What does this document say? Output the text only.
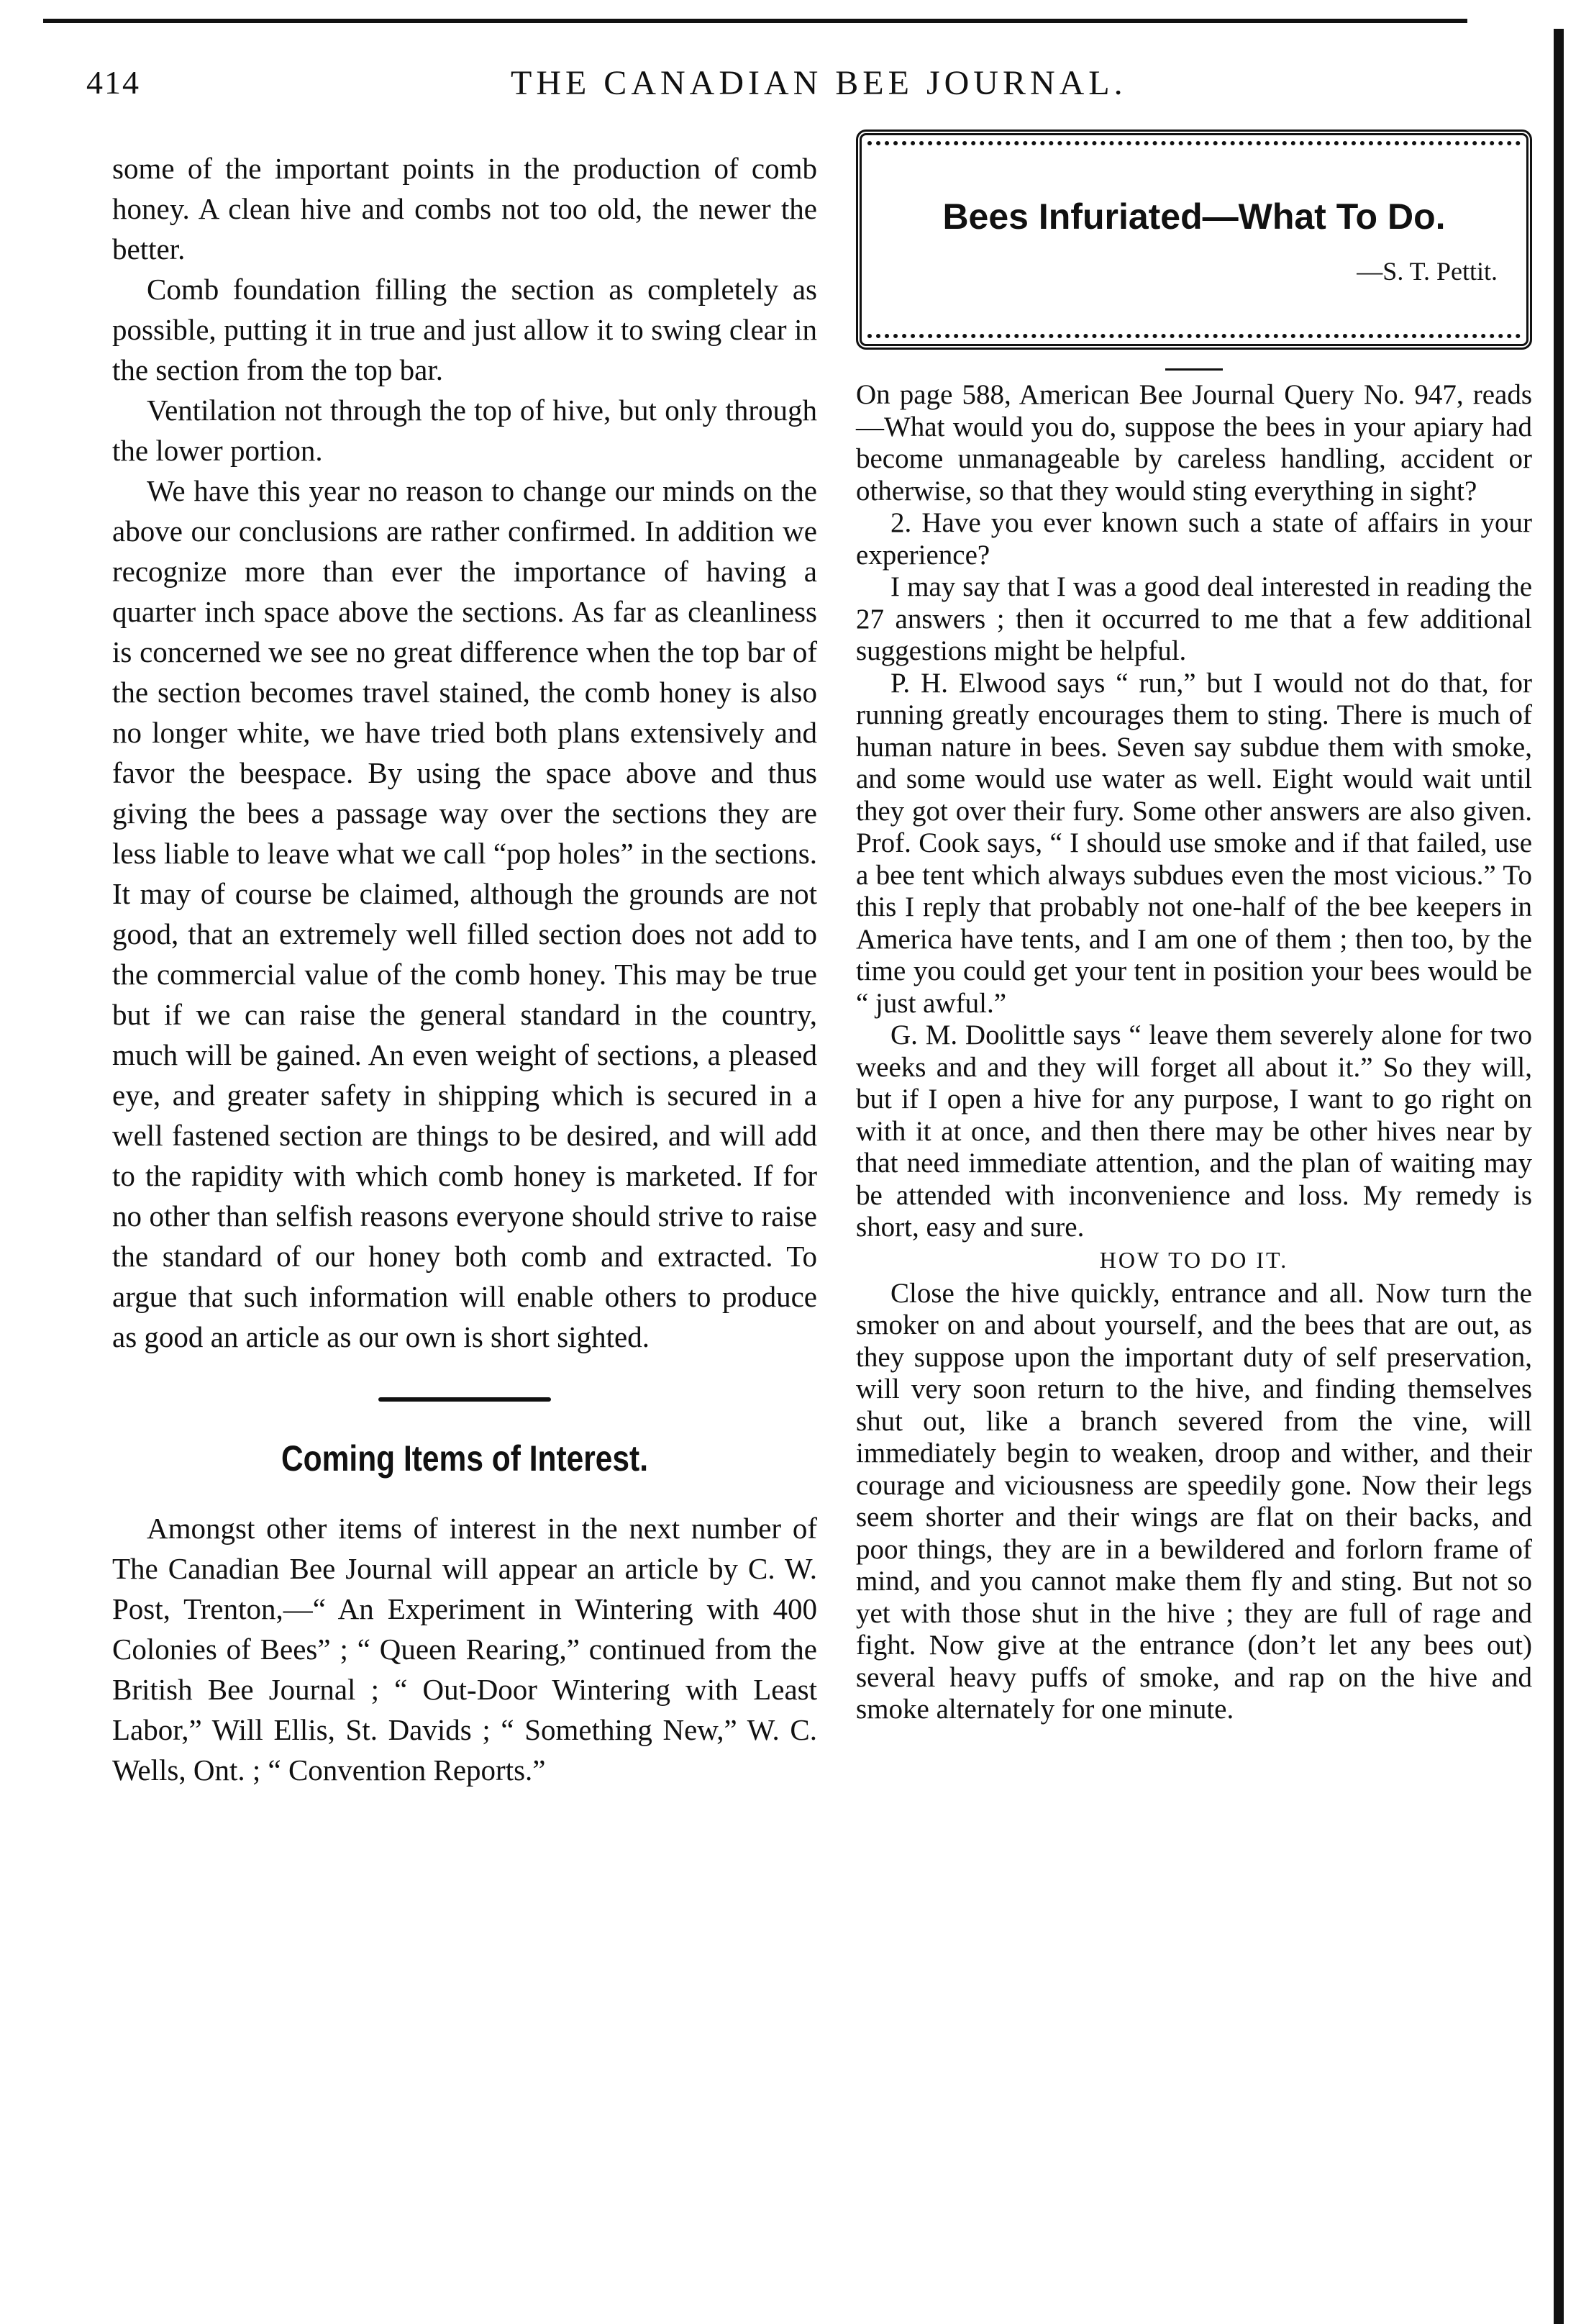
414	THE CANADIAN BEE JOURNAL.

some of the important points in the production of comb honey. A clean hive and combs not too old, the newer the better.

Comb foundation filling the section as completely as possible, putting it in true and just allow it to swing clear in the section from the top bar.

Ventilation not through the top of hive, but only through the lower portion.

We have this year no reason to change our minds on the above our conclusions are rather confirmed. In addition we recognize more than ever the importance of having a quarter inch space above the sections. As far as cleanliness is concerned we see no great difference when the top bar of the section becomes travel stained, the comb honey is also no longer white, we have tried both plans extensively and favor the beespace. By using the space above and thus giving the bees a passage way over the sections they are less liable to leave what we call “pop holes” in the sections. It may of course be claimed, although the grounds are not good, that an extremely well filled section does not add to the commercial value of the comb honey. This may be true but if we can raise the general standard in the country, much will be gained. An even weight of sections, a pleased eye, and greater safety in shipping which is secured in a well fastened section are things to be desired, and will add to the rapidity with which comb honey is marketed. If for no other than selfish reasons everyone should strive to raise the standard of our honey both comb and extracted. To argue that such information will enable others to produce as good an article as our own is short sighted.

Coming Items of Interest.

Amongst other items of interest in the next number of The Canadian Bee Journal will appear an article by C. W. Post, Trenton,—“ An Experiment in Wintering with 400 Colonies of Bees” ; “ Queen Rearing,” continued from the British Bee Journal ; “ Out-Door Wintering with Least Labor,” Will Ellis, St. Davids ; “ Something New,” W. C. Wells, Ont. ; “ Convention Reports.”

Bees Infuriated—What To Do.
—S. T. Pettit.

On page 588, American Bee Journal Query No. 947, reads—What would you do, suppose the bees in your apiary had become unmanageable by careless handling, accident or otherwise, so that they would sting everything in sight?

2. Have you ever known such a state of affairs in your experience?

I may say that I was a good deal interested in reading the 27 answers ; then it occurred to me that a few additional suggestions might be helpful.

P. H. Elwood says “ run,” but I would not do that, for running greatly encourages them to sting. There is much of human nature in bees. Seven say subdue them with smoke, and some would use water as well. Eight would wait until they got over their fury. Some other answers are also given. Prof. Cook says, “ I should use smoke and if that failed, use a bee tent which always subdues even the most vicious.” To this I reply that probably not one-half of the bee keepers in America have tents, and I am one of them ; then too, by the time you could get your tent in position your bees would be “ just awful.”

G. M. Doolittle says “ leave them severely alone for two weeks and and they will forget all about it.” So they will, but if I open a hive for any purpose, I want to go right on with it at once, and then there may be other hives near by that need immediate attention, and the plan of waiting may be attended with inconvenience and loss. My remedy is short, easy and sure.

HOW TO DO IT.

Close the hive quickly, entrance and all. Now turn the smoker on and about yourself, and the bees that are out, as they suppose upon the important duty of self preservation, will very soon return to the hive, and finding themselves shut out, like a branch severed from the vine, will immediately begin to weaken, droop and wither, and their courage and viciousness are speedily gone. Now their legs seem shorter and their wings are flat on their backs, and poor things, they are in a bewildered and forlorn frame of mind, and you cannot make them fly and sting. But not so yet with those shut in the hive ; they are full of rage and fight. Now give at the entrance (don’t let any bees out) several heavy puffs of smoke, and rap on the hive and smoke alternately for one minute.
